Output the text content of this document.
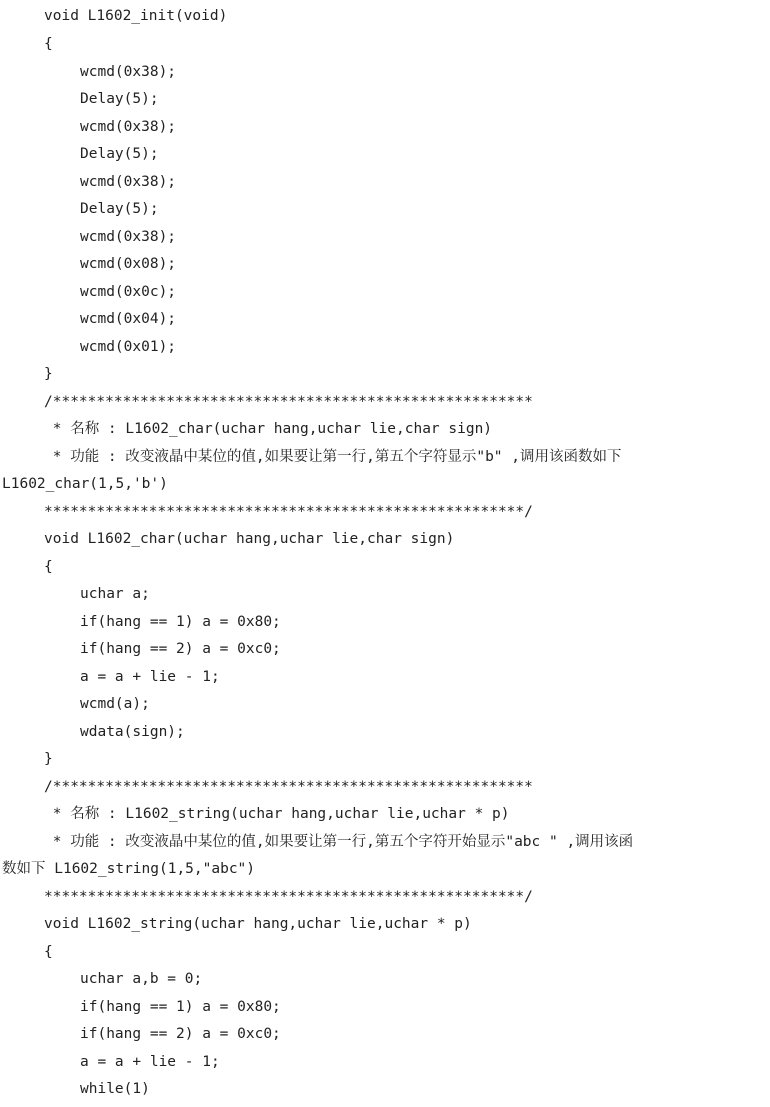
void L1602_init(void)
{
wcmd(0x38);
Delay(5);
wcmd(0x38);
Delay(5);
wcmd(0x38);
Delay(5);
wcmd(0x38);
wcmd(0x08);
wcmd(0x0c);
wcmd(0x04);
wcmd(0x01);
}
/*******************************************************
* 名称 : L1602_char(uchar hang,uchar lie,char sign)
* 功能 : 改变液晶中某位的值,如果要让第一行,第五个字符显示"b" ,调用该函数如下
L1602_char(1,5,'b')
*******************************************************/
void L1602_char(uchar hang,uchar lie,char sign)
{
uchar a;
if(hang == 1) a = 0x80;
if(hang == 2) a = 0xc0;
a = a + lie - 1;
wcmd(a);
wdata(sign);
}
/*******************************************************
* 名称 : L1602_string(uchar hang,uchar lie,uchar * p)
* 功能 : 改变液晶中某位的值,如果要让第一行,第五个字符开始显示"abc " ,调用该函
数如下 L1602_string(1,5,"abc")
*******************************************************/
void L1602_string(uchar hang,uchar lie,uchar * p)
{
uchar a,b = 0;
if(hang == 1) a = 0x80;
if(hang == 2) a = 0xc0;
a = a + lie - 1;
while(1)
